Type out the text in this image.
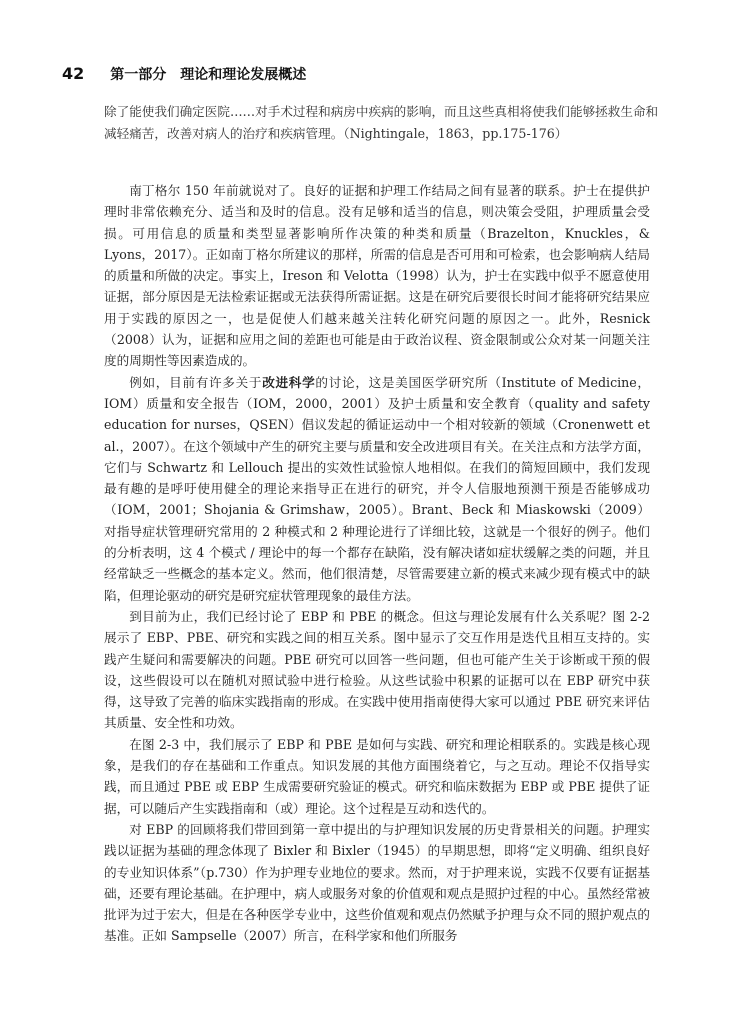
42 第一部分　理论和理论发展概述

除了能使我们确定医院……对手术过程和病房中疾病的影响，而且这些真相将使我们能够拯救生命和减轻痛苦，改善对病人的治疗和疾病管理。（Nightingale，1863，pp.175-176）

南丁格尔 150 年前就说对了。良好的证据和护理工作结局之间有显著的联系。护士在提供护理时非常依赖充分、适当和及时的信息。没有足够和适当的信息，则决策会受阻，护理质量会受损。可用信息的质量和类型显著影响所作决策的种类和质量（Brazelton，Knuckles，& Lyons，2017）。正如南丁格尔所建议的那样，所需的信息是否可用和可检索，也会影响病人结局的质量和所做的决定。事实上，Ireson 和 Velotta（1998）认为，护士在实践中似乎不愿意使用证据，部分原因是无法检索证据或无法获得所需证据。这是在研究后要很长时间才能将研究结果应用于实践的原因之一，也是促使人们越来越关注转化研究问题的原因之一。此外，Resnick（2008）认为，证据和应用之间的差距也可能是由于政治议程、资金限制或公众对某一问题关注度的周期性等因素造成的。

例如，目前有许多关于改进科学的讨论，这是美国医学研究所（Institute of Medicine，IOM）质量和安全报告（IOM，2000，2001）及护士质量和安全教育（quality and safety education for nurses，QSEN）倡议发起的循证运动中一个相对较新的领域（Cronenwett et al.，2007）。在这个领域中产生的研究主要与质量和安全改进项目有关。在关注点和方法学方面，它们与 Schwartz 和 Lellouch 提出的实效性试验惊人地相似。在我们的简短回顾中，我们发现最有趣的是呼吁使用健全的理论来指导正在进行的研究，并令人信服地预测干预是否能够成功（IOM，2001；Shojania & Grimshaw，2005）。Brant、Beck 和 Miaskowski（2009）对指导症状管理研究常用的 2 种模式和 2 种理论进行了详细比较，这就是一个很好的例子。他们的分析表明，这 4 个模式 / 理论中的每一个都存在缺陷，没有解决诸如症状缓解之类的问题，并且经常缺乏一些概念的基本定义。然而，他们很清楚，尽管需要建立新的模式来减少现有模式中的缺陷，但理论驱动的研究是研究症状管理现象的最佳方法。

到目前为止，我们已经讨论了 EBP 和 PBE 的概念。但这与理论发展有什么关系呢？图 2-2 展示了 EBP、PBE、研究和实践之间的相互关系。图中显示了交互作用是迭代且相互支持的。实践产生疑问和需要解决的问题。PBE 研究可以回答一些问题，但也可能产生关于诊断或干预的假设，这些假设可以在随机对照试验中进行检验。从这些试验中积累的证据可以在 EBP 研究中获得，这导致了完善的临床实践指南的形成。在实践中使用指南使得大家可以通过 PBE 研究来评估其质量、安全性和功效。

在图 2-3 中，我们展示了 EBP 和 PBE 是如何与实践、研究和理论相联系的。实践是核心现象，是我们的存在基础和工作重点。知识发展的其他方面围绕着它，与之互动。理论不仅指导实践，而且通过 PBE 或 EBP 生成需要研究验证的模式。研究和临床数据为 EBP 或 PBE 提供了证据，可以随后产生实践指南和（或）理论。这个过程是互动和迭代的。

对 EBP 的回顾将我们带回到第一章中提出的与护理知识发展的历史背景相关的问题。护理实践以证据为基础的理念体现了 Bixler 和 Bixler（1945）的早期思想，即将“定义明确、组织良好的专业知识体系”（p.730）作为护理专业地位的要求。然而，对于护理来说，实践不仅要有证据基础，还要有理论基础。在护理中，病人或服务对象的价值观和观点是照护过程的中心。虽然经常被批评为过于宏大，但是在各种医学专业中，这些价值观和观点仍然赋予护理与众不同的照护观点的基准。正如 Sampselle（2007）所言，在科学家和他们所服务
